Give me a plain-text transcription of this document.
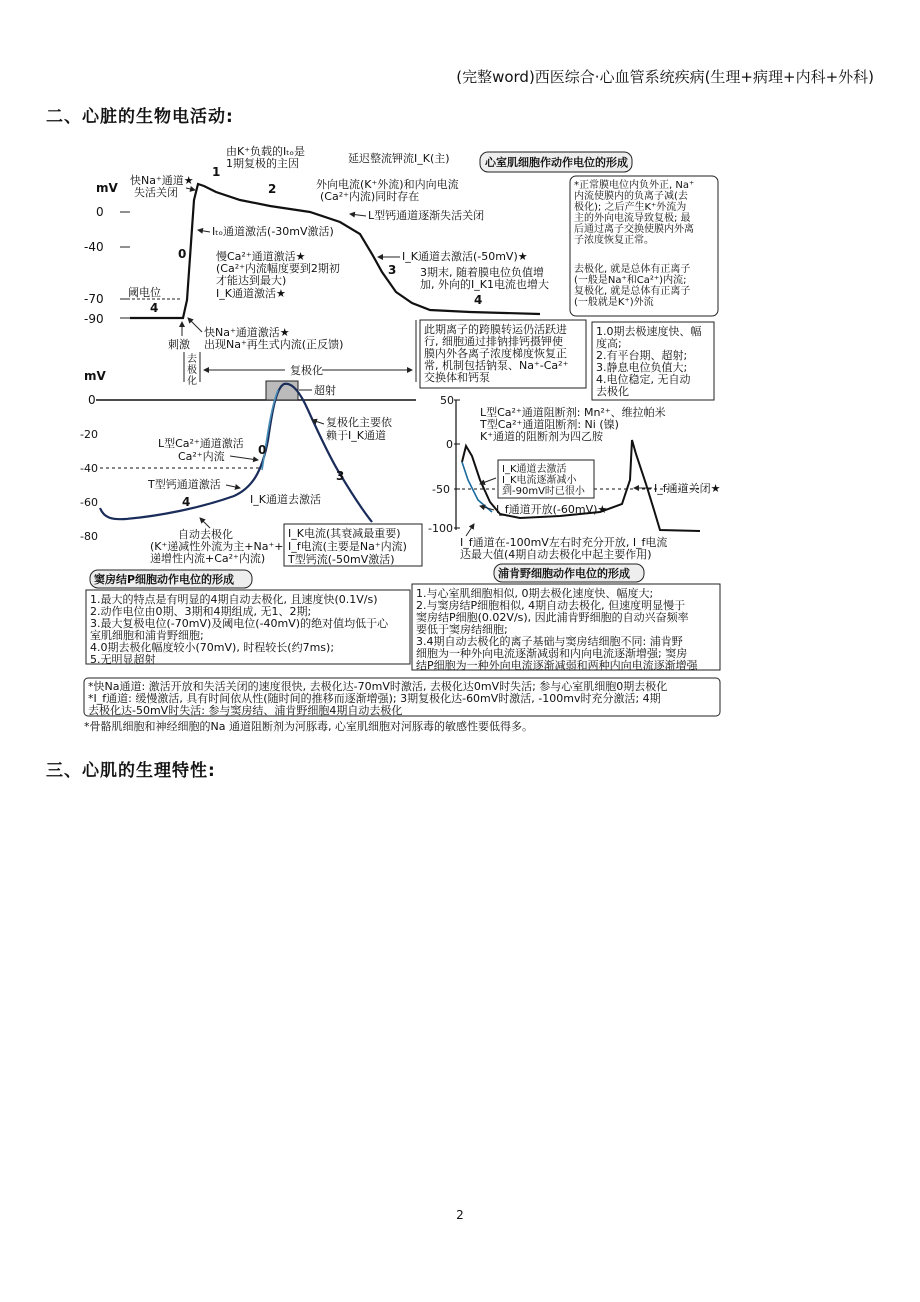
(完整word)西医综合·心血管系统疾病(生理+病理+内科+外科)
二、心脏的生物电活动:
三、心肌的生理特性:
心室肌细胞作动作电位的形成
mV
0
-40
-70
-90
阈电位
1
2
0
3
4
4
由K⁺负载的Iₜₒ是
1期复极的主因	延迟整流钾流I_K(主)
快Na⁺通道★
失活关闭
外向电流(K⁺外流)和内向电流
(Ca²⁺内流)同时存在
Iₜₒ通道激活(-30mV激活)
L型钙通道逐渐失活关闭
慢Ca²⁺通道激活★
(Ca²⁺内流幅度要到2期初
才能达到最大)
I_K通道激活★
I_K通道去激活(-50mV)★
3期末, 随着膜电位负值增
加, 外向的I_K1电流也增大
快Na⁺通道激活★
出现Na⁺再生式内流(正反馈)
刺激
去极化
复极化
此期离子的跨膜转运仍活跃进
行, 细胞通过排钠排钙摄钾使
膜内外各离子浓度梯度恢复正
常, 机制包括钠泵、Na⁺-Ca²⁺
交换体和钙泵
*正常膜电位内负外正, Na⁺
内流使膜内的负离子减(去
极化); 之后产生K⁺外流为
主的外向电流导致复极; 最
后通过离子交换使膜内外离
子浓度恢复正常。
去极化, 就是总体有正离子
(一般是Na⁺和Ca²⁺)内流;
复极化, 就是总体有正离子
(一般就是K⁺)外流
1.0期去极速度快、幅
度高;
2.有平台期、超射;
3.静息电位负值大;
4.电位稳定, 无自动
去极化
mV
0
-20
-40
-60
-80
超射
0
3
4
L型Ca²⁺通道激活
Ca²⁺内流
T型钙通道激活
复极化主要依
赖于I_K通道
I_K通道去激活
自动去极化
(K⁺递减性外流为主+Na⁺+
递增性内流+Ca²⁺内流)
I_K电流(其衰减最重要)
I_f电流(主要是Na⁺内流)
T型钙流(-50mV激活)
窦房结P细胞动作电位的形成
1.最大的特点是有明显的4期自动去极化, 且速度快(0.1V/s)
2.动作电位由0期、3期和4期组成, 无1、2期;
3.最大复极电位(-70mV)及阈电位(-40mV)的绝对值均低于心
室肌细胞和浦肯野细胞;
4.0期去极化幅度较小(70mV), 时程较长(约7ms);
5.无明显超射
50
0
-50
-100
L型Ca²⁺通道阻断剂: Mn²⁺、维拉帕米
T型Ca²⁺通道阻断剂: Ni (镍)
K⁺通道的阻断剂为四乙胺
I_K通道去激活
I_K电流逐渐减小
到-90mV时已很小
I_f通道开放(-60mV)★
I_f通道关闭★
I_f通道在-100mV左右时充分开放, I_f电流
达最大值(4期自动去极化中起主要作用)
浦肯野细胞动作电位的形成
1.与心室肌细胞相似, 0期去极化速度快、幅度大;
2.与窦房结P细胞相似, 4期自动去极化, 但速度明显慢于
窦房结P细胞(0.02V/s), 因此浦肯野细胞的自动兴奋频率
要低于窦房结细胞;
3.4期自动去极化的离子基础与窦房结细胞不同: 浦肯野
细胞为一种外向电流逐渐减弱和内向电流逐渐增强; 窦房
结P细胞为一种外向电流逐渐减弱和两种内向电流逐渐增强
*快Na通道: 激活开放和失活关闭的速度很快, 去极化达-70mV时激活, 去极化达0mV时失活; 参与心室肌细胞0期去极化
*I_f通道: 缓慢激活, 具有时间依从性(随时间的推移而逐渐增强); 3期复极化达-60mV时激活, -100mv时充分激活; 4期
去极化达-50mV时失活: 参与窦房结、浦肯野细胞4期自动去极化
*骨骼肌细胞和神经细胞的Na 通道阻断剂为河豚毒, 心室肌细胞对河豚毒的敏感性要低得多。
2
